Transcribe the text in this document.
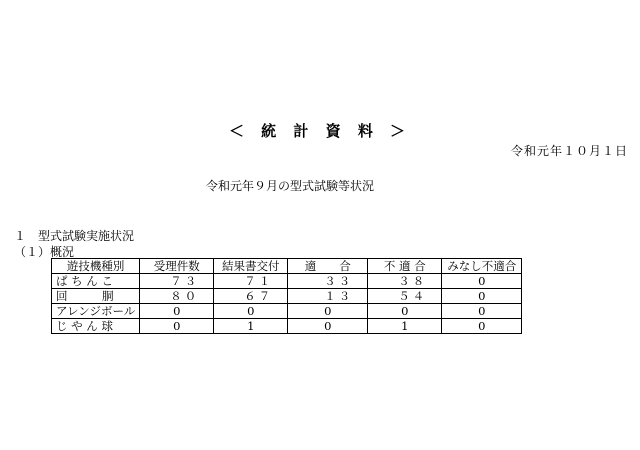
＜ 統 計 資 料 ＞
令和元年１０月１日
令和元年９月の型式試験等状況
１　型式試験実施状況
（１）概況
遊技機種別	受理件数	結果書交付	適　　合	不 適 合	みなし不適合
ぱ ち ん こ	７３	７１	３３	３８	0
回　　　胴	８０	６７	１３	５４	0
アレンジボール	0	0	0	0	0
じ や ん 球	0	1	0	1	0
